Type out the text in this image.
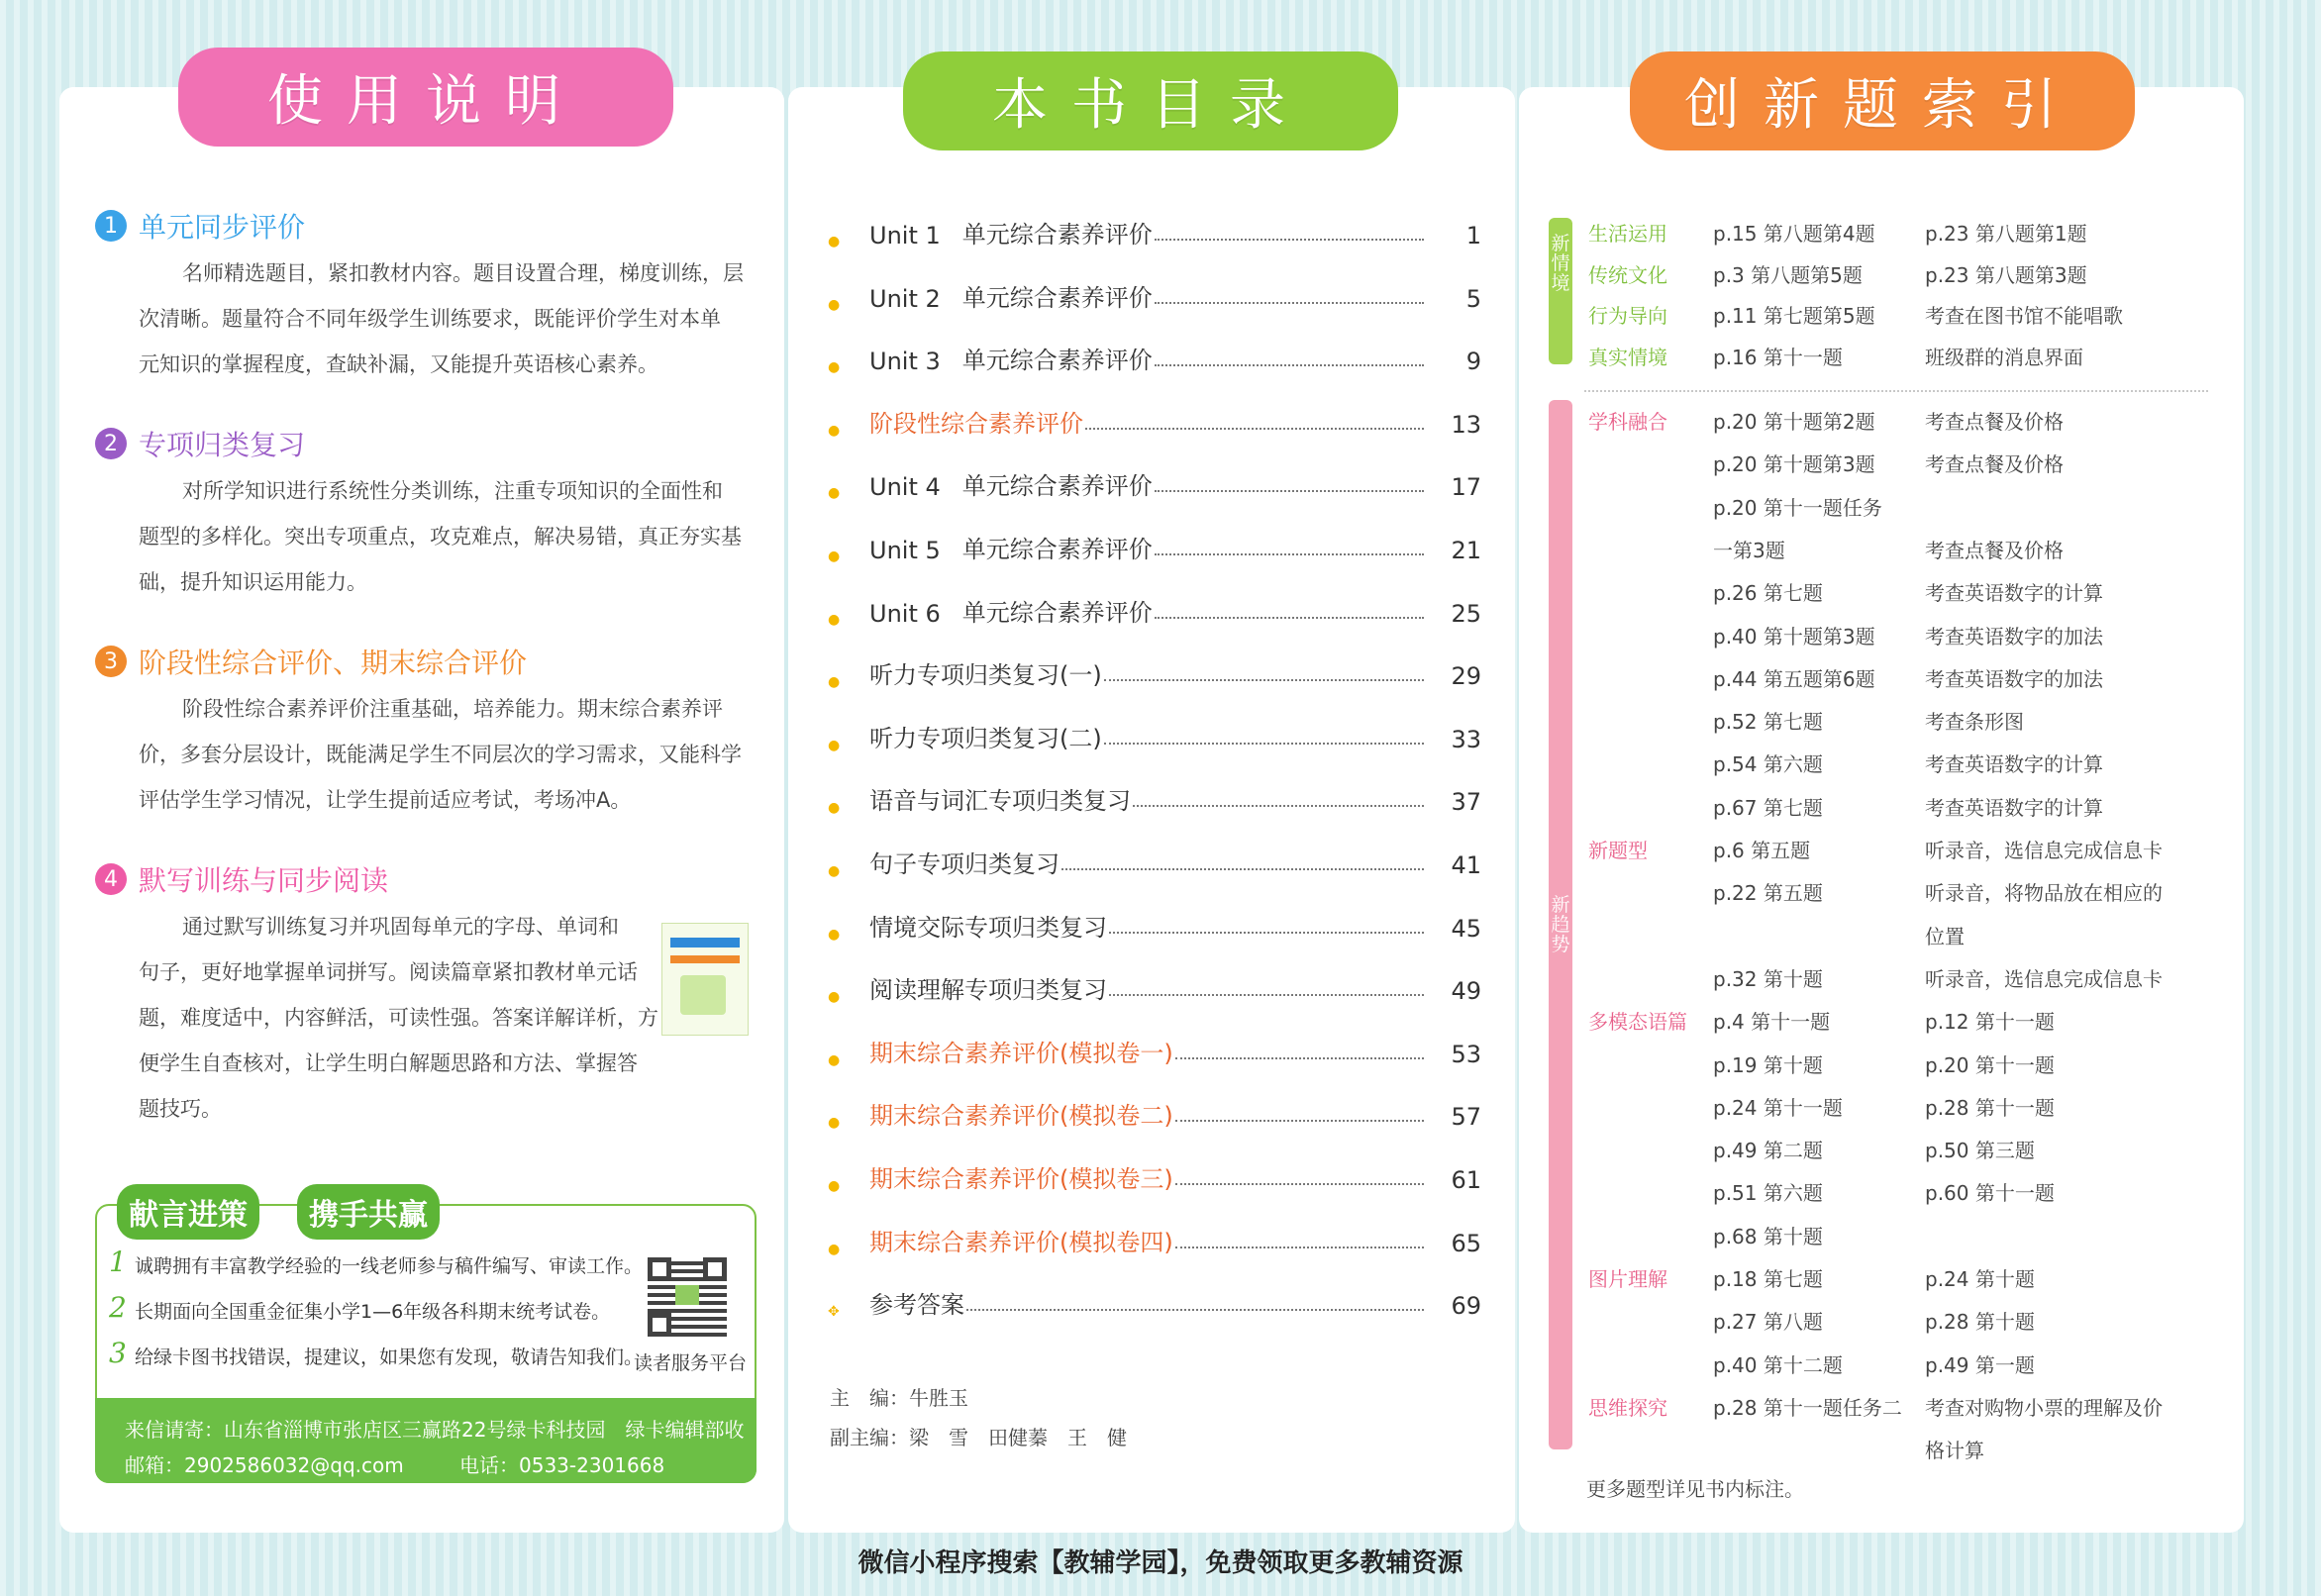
使用说明	本书目录	创新题索引
1 单元同步评价
名师精选题目，紧扣教材内容。题目设置合理，梯度训练，层
次清晰。题量符合不同年级学生训练要求，既能评价学生对本单
元知识的掌握程度，查缺补漏，又能提升英语核心素养。
2 专项归类复习
对所学知识进行系统性分类训练，注重专项知识的全面性和
题型的多样化。突出专项重点，攻克难点，解决易错，真正夯实基
础，提升知识运用能力。
3 阶段性综合评价、期末综合评价
阶段性综合素养评价注重基础，培养能力。期末综合素养评
价，多套分层设计，既能满足学生不同层次的学习需求，又能科学
评估学生学习情况，让学生提前适应考试，考场冲A。
4 默写训练与同步阅读
通过默写训练复习并巩固每单元的字母、单词和
句子，更好地掌握单词拼写。阅读篇章紧扣教材单元话
题，难度适中，内容鲜活，可读性强。答案详解详析，方
便学生自查核对，让学生明白解题思路和方法、掌握答
题技巧。
献言进策	携手共赢
1 诚聘拥有丰富教学经验的一线老师参与稿件编写、审读工作。
2 长期面向全国重金征集小学1—6年级各科期末统考试卷。
3 给绿卡图书找错误，提建议，如果您有发现，敬请告知我们。
读者服务平台
来信请寄：山东省淄博市张店区三赢路22号绿卡科技园　绿卡编辑部收
邮箱：2902586032@qq.com	电话：0533-2301668
● Unit 1 单元综合素养评价	1
● Unit 2 单元综合素养评价	5
● Unit 3 单元综合素养评价	9
● 阶段性综合素养评价	13
● Unit 4 单元综合素养评价	17
● Unit 5 单元综合素养评价	21
● Unit 6 单元综合素养评价	25
● 听力专项归类复习(一)	29
● 听力专项归类复习(二)	33
● 语音与词汇专项归类复习	37
● 句子专项归类复习	41
● 情境交际专项归类复习	45
● 阅读理解专项归类复习	49
● 期末综合素养评价(模拟卷一)	53
● 期末综合素养评价(模拟卷二)	57
● 期末综合素养评价(模拟卷三)	61
● 期末综合素养评价(模拟卷四)	65
✥ 参考答案	69
主　编：牛胜玉
副主编：梁　雪　田健蓁　王　健
新情境
新趋势
生活运用 p.15 第八题第4题	p.23 第八题第1题
传统文化 p.3 第八题第5题	p.23 第八题第3题
行为导向 p.11 第七题第5题	考查在图书馆不能唱歌
真实情境 p.16 第十一题	班级群的消息界面
学科融合 p.20 第十题第2题	考查点餐及价格
p.20 第十题第3题	考查点餐及价格
p.20 第十一题任务
一第3题	考查点餐及价格
p.26 第七题	考查英语数字的计算
p.40 第十题第3题	考查英语数字的加法
p.44 第五题第6题	考查英语数字的加法
p.52 第七题	考查条形图
p.54 第六题	考查英语数字的计算
p.67 第七题	考查英语数字的计算
新题型	p.6 第五题	听录音，选信息完成信息卡
p.22 第五题	听录音，将物品放在相应的
位置
p.32 第十题	听录音，选信息完成信息卡
多模态语篇 p.4 第十一题	p.12 第十一题
p.19 第十题	p.20 第十一题
p.24 第十一题	p.28 第十一题
p.49 第二题	p.50 第三题
p.51 第六题	p.60 第十一题
p.68 第十题
图片理解 p.18 第七题	p.24 第十题
p.27 第八题	p.28 第十题
p.40 第十二题	p.49 第一题
思维探究 p.28 第十一题任务二 考查对购物小票的理解及价
格计算
更多题型详见书内标注。
微信小程序搜索【教辅学园】，免费领取更多教辅资源
